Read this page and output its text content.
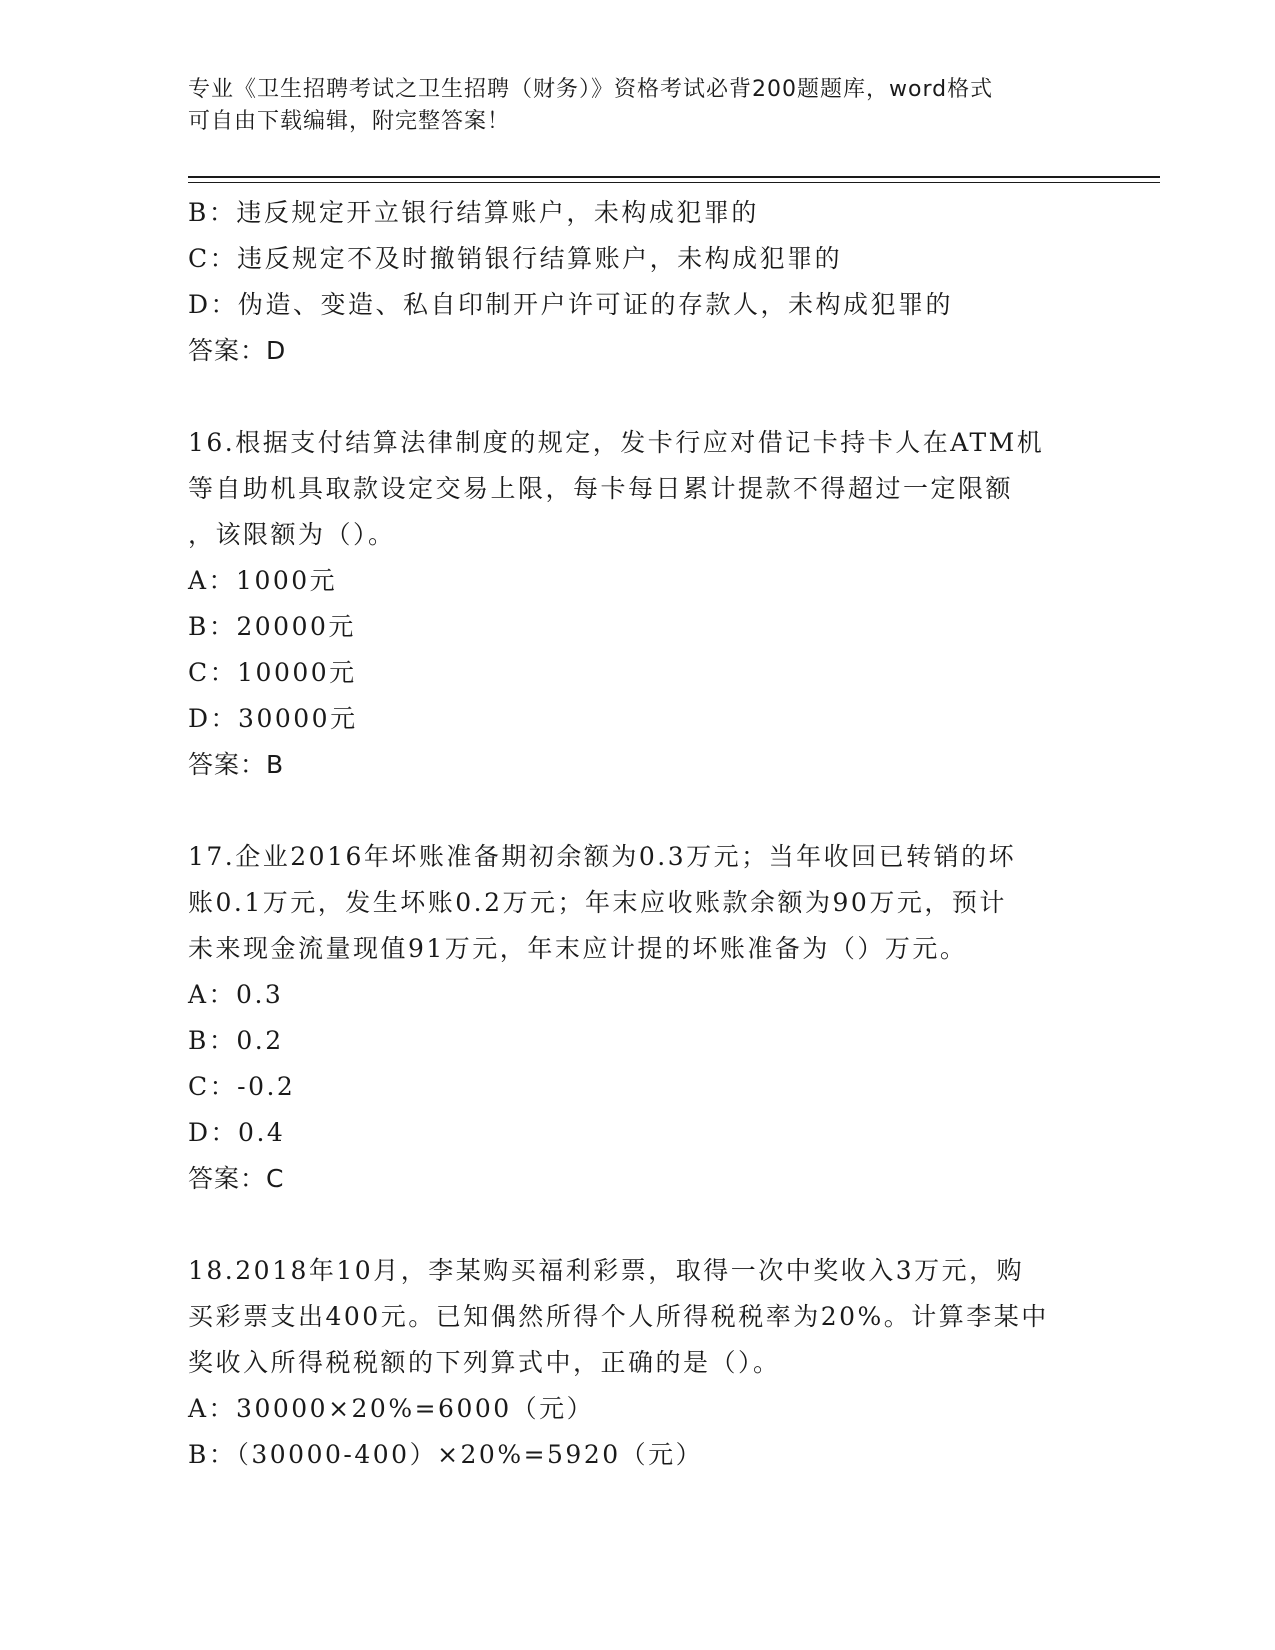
专业《卫生招聘考试之卫生招聘（财务）》资格考试必背200题题库，word格式
可自由下载编辑，附完整答案！
B：违反规定开立银行结算账户，未构成犯罪的
C：违反规定不及时撤销银行结算账户，未构成犯罪的
D：伪造、变造、私自印制开户许可证的存款人，未构成犯罪的
答案：D
16.根据支付结算法律制度的规定，发卡行应对借记卡持卡人在ATM机
等自助机具取款设定交易上限，每卡每日累计提款不得超过一定限额
，该限额为（）。
A：1000元
B：20000元
C：10000元
D：30000元
答案：B
17.企业2016年坏账准备期初余额为0.3万元；当年收回已转销的坏
账0.1万元，发生坏账0.2万元；年末应收账款余额为90万元，预计
未来现金流量现值91万元，年末应计提的坏账准备为（）万元。
A：0.3
B：0.2
C：-0.2
D：0.4
答案：C
18.2018年10月，李某购买福利彩票，取得一次中奖收入3万元，购
买彩票支出400元。已知偶然所得个人所得税税率为20%。计算李某中
奖收入所得税税额的下列算式中，正确的是（）。
A：30000×20%=6000（元）
B：（30000-400）×20%=5920（元）
